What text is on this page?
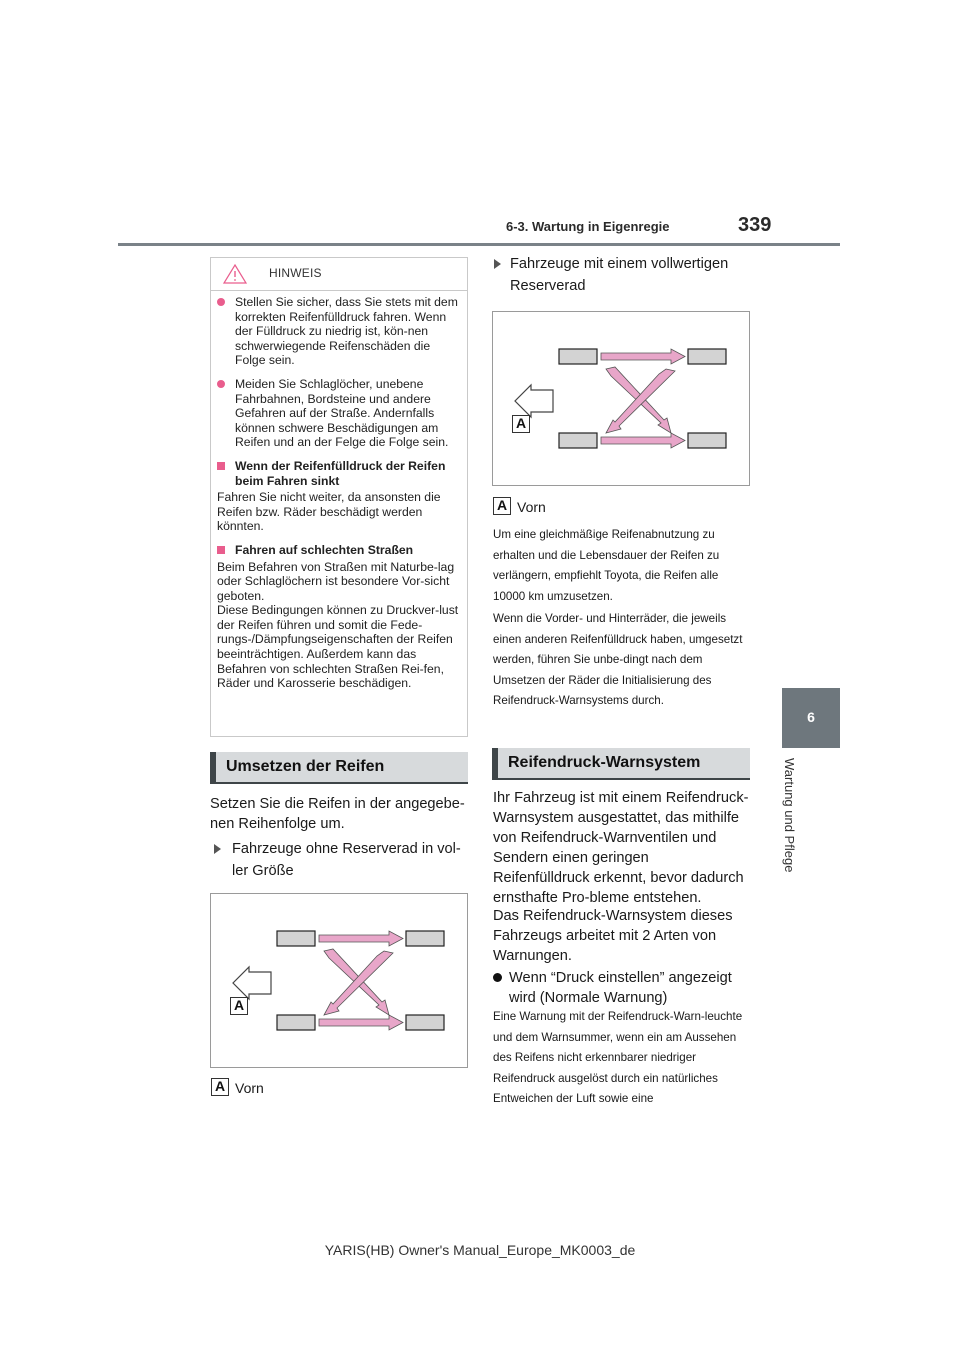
6-3. Wartung in Eigenregie	339
6
Wartung und Pflege
HINWEIS
Stellen Sie sicher, dass Sie stets mit dem korrekten Reifenfülldruck fahren. Wenn der Fülldruck zu niedrig ist, kön-nen schwerwiegende Reifenschäden die Folge sein.
Meiden Sie Schlaglöcher, unebene Fahrbahnen, Bordsteine und andere Gefahren auf der Straße. Andernfalls können schwere Beschädigungen am Reifen und an der Felge die Folge sein.
Wenn der Reifenfülldruck der Reifen beim Fahren sinkt
Fahren Sie nicht weiter, da ansonsten die Reifen bzw. Räder beschädigt werden könnten.
Fahren auf schlechten Straßen
Beim Befahren von Straßen mit Naturbe-lag oder Schlaglöchern ist besondere Vor-sicht geboten.
Diese Bedingungen können zu Druckver-lust der Reifen führen und somit die Fede-rungs-/Dämpfungseigenschaften der Reifen beeinträchtigen. Außerdem kann das Befahren von schlechten Straßen Rei-fen, Räder und Karosserie beschädigen.
Umsetzen der Reifen
Setzen Sie die Reifen in der angegebe-nen Reihenfolge um.
Fahrzeuge ohne Reserverad in vol-ler Größe
A
A Vorn
Fahrzeuge mit einem vollwertigen Reserverad
A
A Vorn
Um eine gleichmäßige Reifenabnutzung zu erhalten und die Lebensdauer der Reifen zu verlängern, empfiehlt Toyota, die Reifen alle 10000 km umzusetzen.
Wenn die Vorder- und Hinterräder, die jeweils einen anderen Reifenfülldruck haben, umgesetzt werden, führen Sie unbe-dingt nach dem Umsetzen der Räder die Initialisierung des Reifendruck-Warnsystems durch.
Reifendruck-Warnsystem
Ihr Fahrzeug ist mit einem Reifendruck-Warnsystem ausgestattet, das mithilfe von Reifendruck-Warnventilen und Sendern einen geringen Reifenfülldruck erkennt, bevor dadurch ernsthafte Pro-bleme entstehen.
Das Reifendruck-Warnsystem dieses Fahrzeugs arbeitet mit 2 Arten von Warnungen.
Wenn “Druck einstellen” angezeigt wird (Normale Warnung)
Eine Warnung mit der Reifendruck-Warn-leuchte und dem Warnsummer, wenn ein am Aussehen des Reifens nicht erkennbarer niedriger Reifendruck ausgelöst durch ein natürliches Entweichen der Luft sowie eine
YARIS(HB) Owner's Manual_Europe_MK0003_de
